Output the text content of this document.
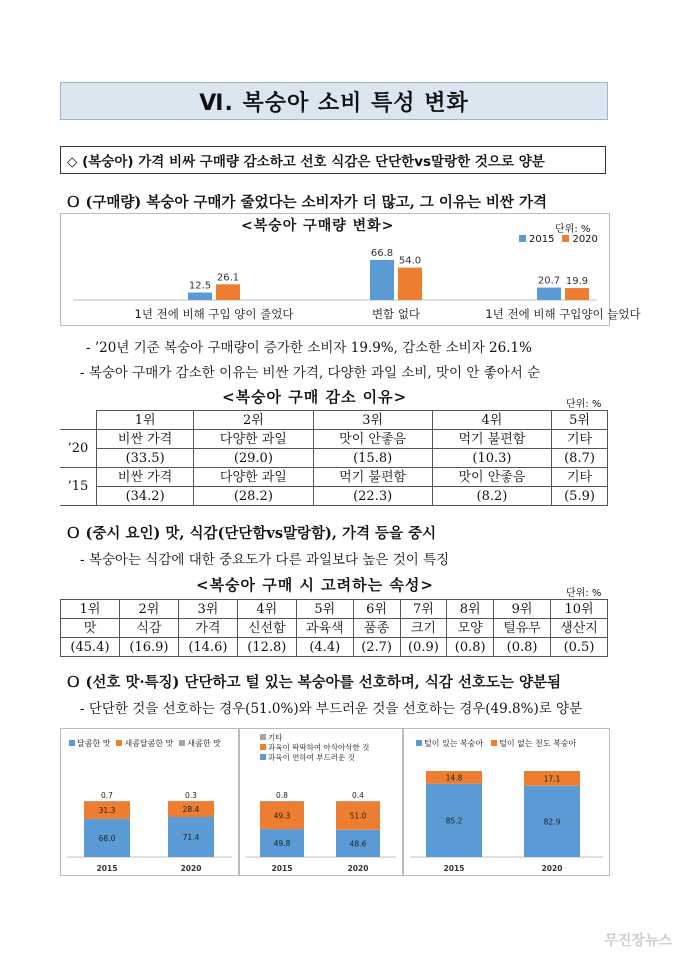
Ⅵ. 복숭아 소비 특성 변화
◇ (복숭아) 가격 비싸 구매량 감소하고 선호 식감은 단단한vs말랑한 것으로 양분
Ｏ (구매량) 복숭아 구매가 줄었다는 소비자가 더 많고, 그 이유는 비싼 가격
<복숭아 구매량 변화>	단위: %
2015	2020
12.5
26.1
1년 전에 비해 구입 양이 줄었다
66.8
54.0
변함 없다
20.7 19.9
1년 전에 비해 구입양이 늘었다
- ’20년 기준 복숭아 구매량이 증가한 소비자 19.9%, 감소한 소비자 26.1%
- 복숭아 구매가 감소한 이유는 비싼 가격, 다양한 과일 소비, 맛이 안 좋아서 순
<복숭아 구매 감소 이유>	단위: %
	1위	2위	3위	4위	5위
’20	비싼 가격	다양한 과일	맛이 안좋음	먹기 불편함	기타
	(33.5)	(29.0)	(15.8)	(10.3)	(8.7)
’15	비싼 가격	다양한 과일	먹기 불편함	맛이 안좋음	기타
	(34.2)	(28.2)	(22.3)	(8.2)	(5.9)
Ｏ (중시 요인) 맛, 식감(단단함vs말랑함), 가격 등을 중시
- 복숭아는 식감에 대한 중요도가 다른 과일보다 높은 것이 특징
<복숭아 구매 시 고려하는 속성>	단위: %
1위	2위	3위	4위	5위	6위	7위	8위	9위	10위
맛	식감	가격	신선함	과육색	품종	크기	모양	털유무	생산지
(45.4)	(16.9)	(14.6)	(12.8)	(4.4)	(2.7)	(0.9)	(0.8)	(0.8)	(0.5)
Ｏ (선호 맛·특징) 단단하고 털 있는 복숭아를 선호하며, 식감 선호도는 양분됨
- 단단한 것을 선호하는 경우(51.0%)와 부드러운 것을 선호하는 경우(49.8%)로 양분
달콤한 맛	새콤달콤한 맛	새콤한 맛
68.0
31.3
0.7
2015
71.4
28.4
0.3
2020
기타
과육이 딱딱하여 아삭아삭한 것
과육이 연하여 부드러운 것
49.8
49.3
0.8
2015
48.6
51.0
0.4
2020
털이 있는 복숭아	털이 없는 천도 복숭아
85.2
14.8
2015
82.9
17.1
2020
무진장뉴스
